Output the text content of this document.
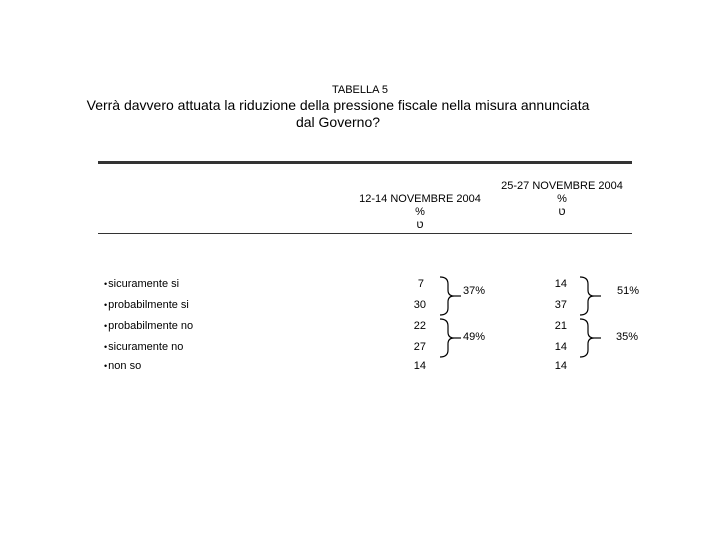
TABELLA 5
Verrà davvero attuata la riduzione della pressione fiscale nella misura annunciata
dal Governo?
12-14 NOVEMBRE 2004
%
ט
25-27 NOVEMBRE 2004
%
ט
•sicuramente si
•probabilmente si
•probabilmente no
•sicuramente no
•non so
7
30
22
27
14
14
37
21
14
14
37%
49%
51%
35%
